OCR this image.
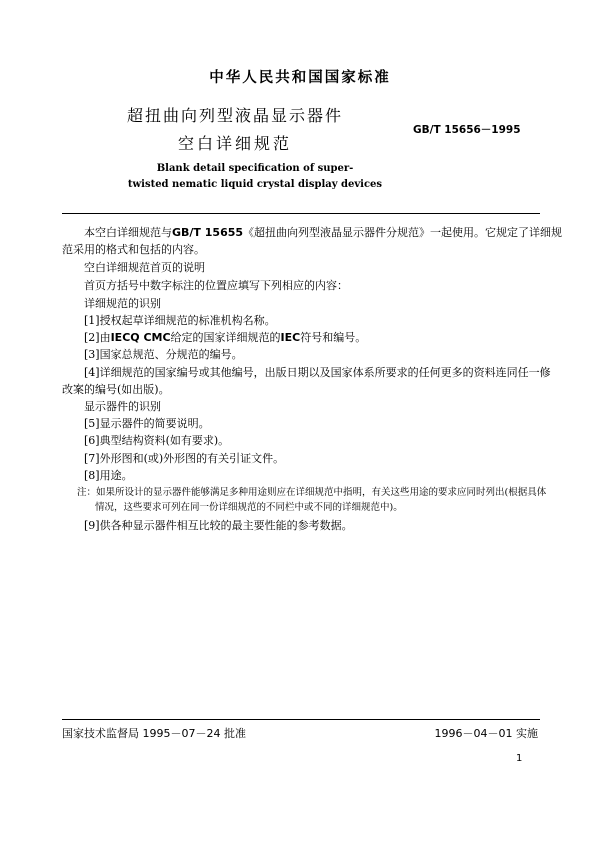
中华人民共和国国家标准
超扭曲向列型液晶显示器件
空白详细规范
GB/T 15656－1995
Blank detail specification of super-
twisted nematic liquid crystal display devices
本空白详细规范与GB/T 15655《超扭曲向列型液晶显示器件分规范》一起使用。它规定了详细规
范采用的格式和包括的内容。
空白详细规范首页的说明
首页方括号中数字标注的位置应填写下列相应的内容：
详细规范的识别
[1]授权起草详细规范的标准机构名称。
[2]由IECQ CMC给定的国家详细规范的IEC符号和编号。
[3]国家总规范、分规范的编号。
[4]详细规范的国家编号或其他编号，出版日期以及国家体系所要求的任何更多的资料连同任一修
改案的编号(如出版)。
显示器件的识别
[5]显示器件的简要说明。
[6]典型结构资料(如有要求)。
[7]外形图和(或)外形图的有关引证文件。
[8]用途。
注：如果所设计的显示器件能够满足多种用途则应在详细规范中指明，有关这些用途的要求应同时列出(根据具体
情况，这些要求可列在同一份详细规范的不同栏中或不同的详细规范中)。
[9]供各种显示器件相互比较的最主要性能的参考数据。
国家技术监督局 1995－07－24 批准	1996－04－01 实施
1
